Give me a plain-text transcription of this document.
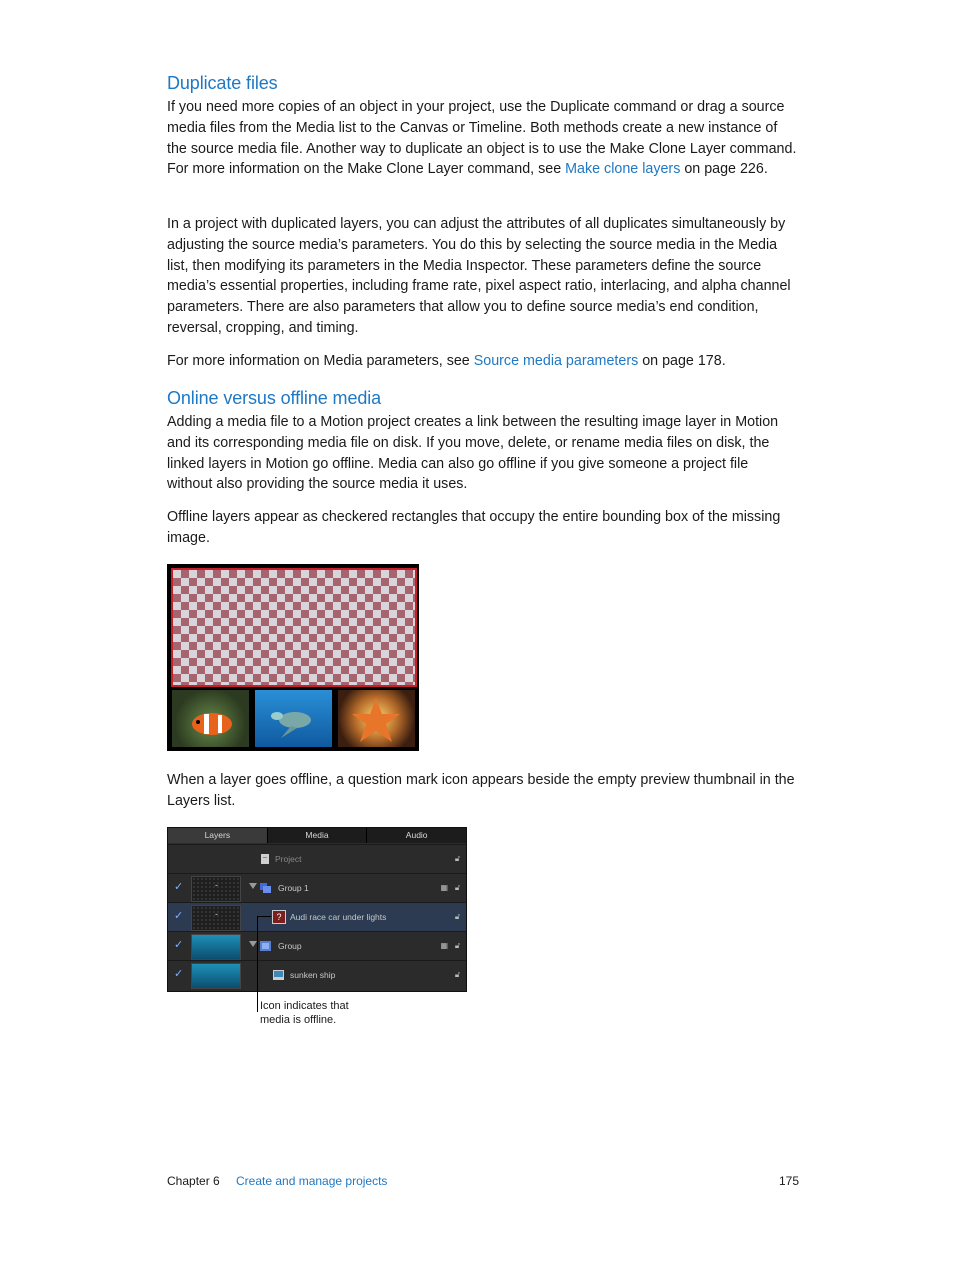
Duplicate files

If you need more copies of an object in your project, use the Duplicate command or drag a source media files from the Media list to the Canvas or Timeline. Both methods create a new instance of the source media file. Another way to duplicate an object is to use the Make Clone Layer command. For more information on the Make Clone Layer command, see Make clone layers on page 226.

In a project with duplicated layers, you can adjust the attributes of all duplicates simultaneously by adjusting the source media’s parameters. You do this by selecting the source media in the Media list, then modifying its parameters in the Media Inspector. These parameters define the source media’s essential properties, including frame rate, pixel aspect ratio, interlacing, and alpha channel parameters. There are also parameters that allow you to define source media’s end condition, reversal, cropping, and timing.

For more information on Media parameters, see Source media parameters on page 178.

Online versus offline media

Adding a media file to a Motion project creates a link between the resulting image layer in Motion and its corresponding media file on disk. If you move, delete, or rename media files on disk, the linked layers in Motion go offline. Media can also go offline if you give someone a project file without also providing the source media it uses.

Offline layers appear as checkered rectangles that occupy the entire bounding box of the missing image.

When a layer goes offline, a question mark icon appears beside the empty preview thumbnail in the Layers list.

Layers	Media	Audio
Project	🔓︎
✓	-	Group 1	▦ 🔓︎
✓	-	?	Audi race car under lights	🔓︎
✓	Group	▦ 🔓︎
✓	sunken ship	🔓︎
Icon indicates that media is offline.
Chapter 6 Create and manage projects	175
